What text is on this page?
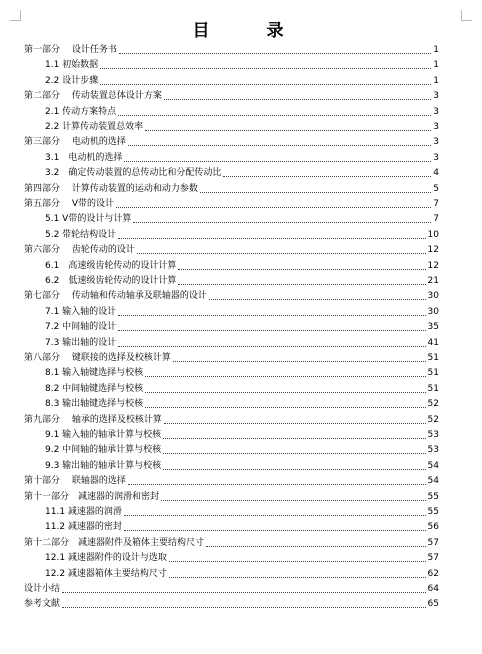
目　录
第一部分　 设计任务书	1
1.1 初始数据	1
2.2 设计步骤	1
第二部分　 传动装置总体设计方案	3
2.1 传动方案特点	3
2.2 计算传动装置总效率	3
第三部分　 电动机的选择	3
3.1　电动机的选择	3
3.2　确定传动装置的总传动比和分配传动比	4
第四部分　 计算传动装置的运动和动力参数	5
第五部分　 V带的设计	7
5.1 V带的设计与计算	7
5.2 带轮结构设计	10
第六部分　 齿轮传动的设计	12
6.1　高速级齿轮传动的设计计算	12
6.2　低速级齿轮传动的设计计算	21
第七部分　 传动轴和传动轴承及联轴器的设计	30
7.1 输入轴的设计	30
7.2 中间轴的设计	35
7.3 输出轴的设计	41
第八部分　 键联接的选择及校核计算	51
8.1 输入轴键选择与校核	51
8.2 中间轴键选择与校核	51
8.3 输出轴键选择与校核	52
第九部分　 轴承的选择及校核计算	52
9.1 输入轴的轴承计算与校核	53
9.2 中间轴的轴承计算与校核	53
9.3 输出轴的轴承计算与校核	54
第十部分　 联轴器的选择	54
第十一部分　减速器的润滑和密封	55
11.1 减速器的润滑	55
11.2 减速器的密封	56
第十二部分　减速器附件及箱体主要结构尺寸	57
12.1 减速器附件的设计与选取	57
12.2 减速器箱体主要结构尺寸	62
设计小结	64
参考文献	65
